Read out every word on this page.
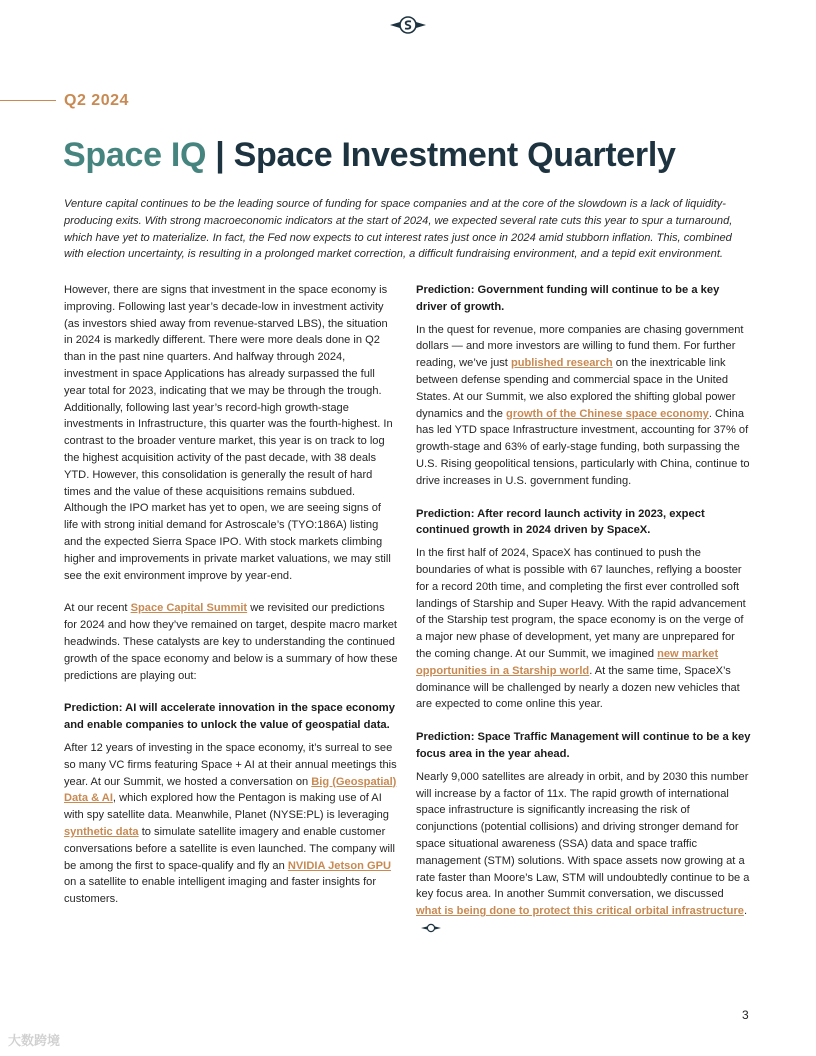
Q2 2024
Space IQ | Space Investment Quarterly

Venture capital continues to be the leading source of funding for space companies and at the core of the slowdown is a lack of liquidity-producing exits. With strong macroeconomic indicators at the start of 2024, we expected several rate cuts this year to spur a turnaround, which have yet to materialize. In fact, the Fed now expects to cut interest rates just once in 2024 amid stubborn inflation. This, combined with election uncertainty, is resulting in a prolonged market correction, a difficult fundraising environment, and a tepid exit environment.

However, there are signs that investment in the space economy is improving. Following last year’s decade-low in investment activity (as investors shied away from revenue-starved LBS), the situation in 2024 is markedly different. There were more deals done in Q2 than in the past nine quarters. And halfway through 2024, investment in space Applications has already surpassed the full year total for 2023, indicating that we may be through the trough. Additionally, following last year’s record-high growth-stage investments in Infrastructure, this quarter was the fourth-highest. In contrast to the broader venture market, this year is on track to log the highest acquisition activity of the past decade, with 38 deals YTD. However, this consolidation is generally the result of hard times and the value of these acquisitions remains subdued. Although the IPO market has yet to open, we are seeing signs of life with strong initial demand for Astroscale’s (TYO:186A) listing and the expected Sierra Space IPO. With stock markets climbing higher and improvements in private market valuations, we may still see the exit environment improve by year-end.

At our recent Space Capital Summit we revisited our predictions for 2024 and how they’ve remained on target, despite macro market headwinds. These catalysts are key to understanding the continued growth of the space economy and below is a summary of how these predictions are playing out:

Prediction: AI will accelerate innovation in the space economy and enable companies to unlock the value of geospatial data.

After 12 years of investing in the space economy, it’s surreal to see so many VC firms featuring Space + AI at their annual meetings this year. At our Summit, we hosted a conversation on Big (Geospatial) Data & AI, which explored how the Pentagon is making use of AI with spy satellite data. Meanwhile, Planet (NYSE:PL) is leveraging synthetic data to simulate satellite imagery and enable customer conversations before a satellite is even launched. The company will be among the first to space-qualify and fly an NVIDIA Jetson GPU on a satellite to enable intelligent imaging and faster insights for customers.

Prediction: Government funding will continue to be a key driver of growth.

In the quest for revenue, more companies are chasing government dollars — and more investors are willing to fund them. For further reading, we’ve just published research on the inextricable link between defense spending and commercial space in the United States. At our Summit, we also explored the shifting global power dynamics and the growth of the Chinese space economy. China has led YTD space Infrastructure investment, accounting for 37% of growth-stage and 63% of early-stage funding, both surpassing the U.S. Rising geopolitical tensions, particularly with China, continue to drive increases in U.S. government funding.

Prediction: After record launch activity in 2023, expect continued growth in 2024 driven by SpaceX.

In the first half of 2024, SpaceX has continued to push the boundaries of what is possible with 67 launches, reflying a booster for a record 20th time, and completing the first ever controlled soft landings of Starship and Super Heavy. With the rapid advancement of the Starship test program, the space economy is on the verge of a major new phase of development, yet many are unprepared for the coming change. At our Summit, we imagined new market opportunities in a Starship world. At the same time, SpaceX’s dominance will be challenged by nearly a dozen new vehicles that are expected to come online this year.

Prediction: Space Traffic Management will continue to be a key focus area in the year ahead.

Nearly 9,000 satellites are already in orbit, and by 2030 this number will increase by a factor of 11x. The rapid growth of international space infrastructure is significantly increasing the risk of conjunctions (potential collisions) and driving stronger demand for space situational awareness (SSA) data and space traffic management (STM) solutions. With space assets now growing at a rate faster than Moore’s Law, STM will undoubtedly continue to be a key focus area. In another Summit conversation, we discussed what is being done to protect this critical orbital infrastructure.

3
大数跨境
